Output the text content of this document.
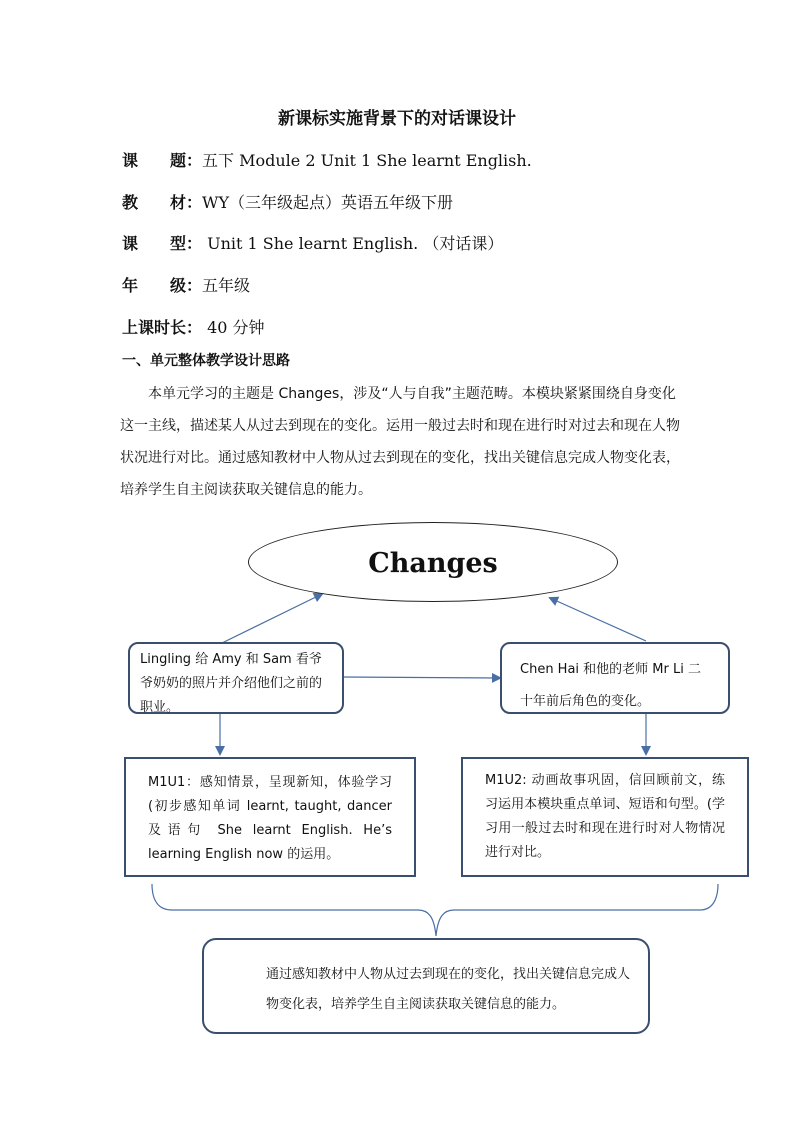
新课标实施背景下的对话课设计
课　　题：五下 Module 2 Unit 1 She learnt English.
教　　材：WY（三年级起点）英语五年级下册
课　　型： Unit 1 She learnt English. （对话课）
年　　级：五年级
上课时长： 40 分钟
一、单元整体教学设计思路
本单元学习的主题是 Changes，涉及“人与自我”主题范畴。本模块紧紧围绕自身变化这一主线，描述某人从过去到现在的变化。运用一般过去时和现在进行时对过去和现在人物状况进行对比。通过感知教材中人物从过去到现在的变化，找出关键信息完成人物变化表，培养学生自主阅读获取关键信息的能力。
Changes
Lingling 给 Amy 和 Sam 看爷爷奶奶的照片并介绍他们之前的职业。
Chen Hai 和他的老师 Mr Li 二十年前后角色的变化。
M1U1：感知情景，呈现新知，体验学习(初步感知单词 learnt, taught, dancer 及语句 She learnt English. He’s learning English now 的运用。
M1U2: 动画故事巩固，信回顾前文，练习运用本模块重点单词、短语和句型。(学习用一般过去时和现在进行时对人物情况进行对比。
通过感知教材中人物从过去到现在的变化，找出关键信息完成人物变化表，培养学生自主阅读获取关键信息的能力。
